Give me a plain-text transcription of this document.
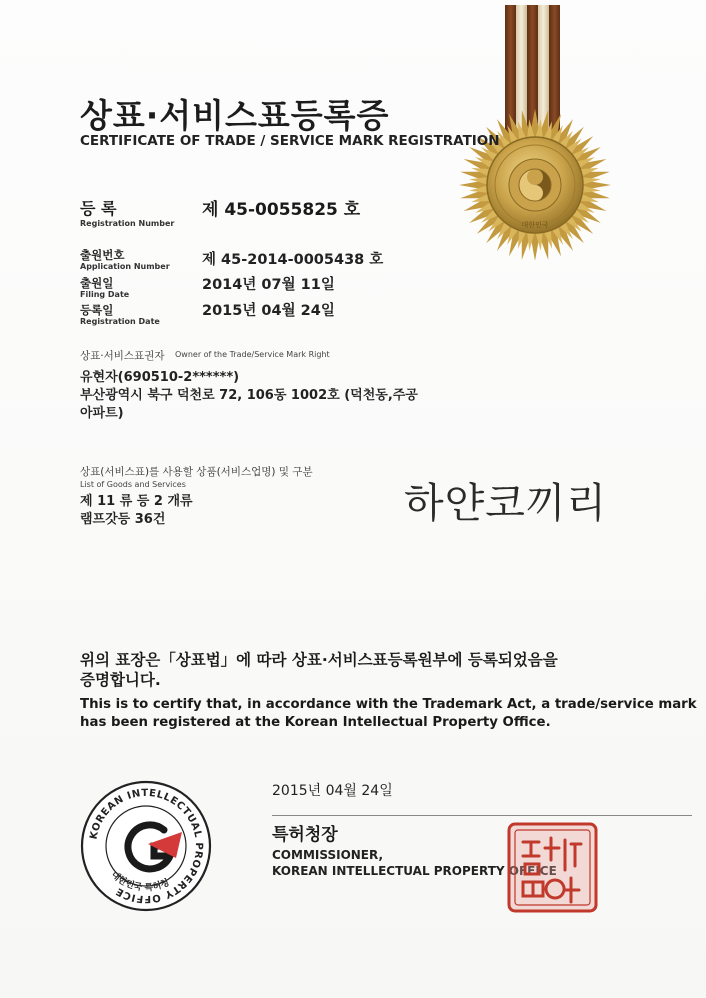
대한민국
상표·서비스표등록증
CERTIFICATE OF TRADE / SERVICE MARK REGISTRATION
등 록
Registration Number
제 45-0055825 호
출원번호
Application Number 제 45-2014-0005438 호
출원일
Filing Date
2014년 07월 11일
등록일
Registration Date
2015년 04월 24일
상표·서비스표권자 Owner of the Trade/Service Mark Right
유현자(690510-2******)
부산광역시 북구 덕천로 72, 106동 1002호 (덕천동,주공
아파트)
상표(서비스표)를 사용할 상품(서비스업명) 및 구분
List of Goods and Services
제 11 류 등 2 개류
램프갓등 36건	하얀코끼리
위의 표장은「상표법」에 따라 상표·서비스표등록원부에 등록되었음을
증명합니다.
This is to certify that, in accordance with the Trademark Act, a trade/service mark
has been registered at the Korean Intellectual Property Office.
2015년 04월 24일
특허청장
COMMISSIONER,
KOREAN INTELLECTUAL PROPERTY OFFICE
KOREAN INTELLECTUAL PROPERTY OFFICE
대한민국 특허청
특허청장인
